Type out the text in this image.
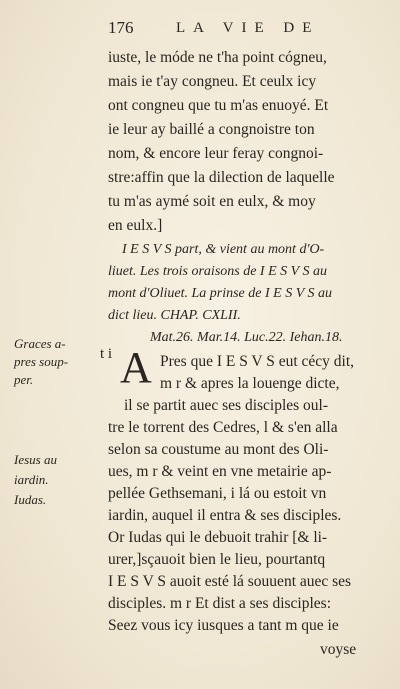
176	LA VIE DE
iuste, le móde ne t'ha point cógneu,
mais ie t'ay congneu. Et ceulx icy
ont congneu que tu m'as enuoyé. Et
ie leur ay baillé a congnoistre ton
nom, & encore leur feray congnoi-
stre:affin que la dilection de laquelle
tu m'as aymé soit en eulx, & moy
en eulx.]
I E S V S part, & vient au mont d'O-
liuet. Les trois oraisons de I E S V S au
mont d'Oliuet. La prinse de I E S V S au
dict lieu. CHAP. CXLII.
Mat.26. Mar.14. Luc.22. Iehan.18.
t i A Pres que I E S V S eut cécy dit,
m r & apres la louenge dicte,
il se partit auec ses disciples oul-
tre le torrent des Cedres, l & s'en alla
selon sa coustume au mont des Oli-
ues, m r & veint en vne metairie ap-
pellée Gethsemani, i lá ou estoit vn
iardin, auquel il entra & ses disciples.
Or Iudas qui le debuoit trahir [& li-
urer,]sçauoit bien le lieu, pourtantq
I E S V S auoit esté lá souuent auec ses
disciples. m r Et dist a ses disciples:
Seez vous icy iusques a tant m que ie
voyse
Graces a-
pres soup-
per.
Iesus au
iardin.
Iudas.
